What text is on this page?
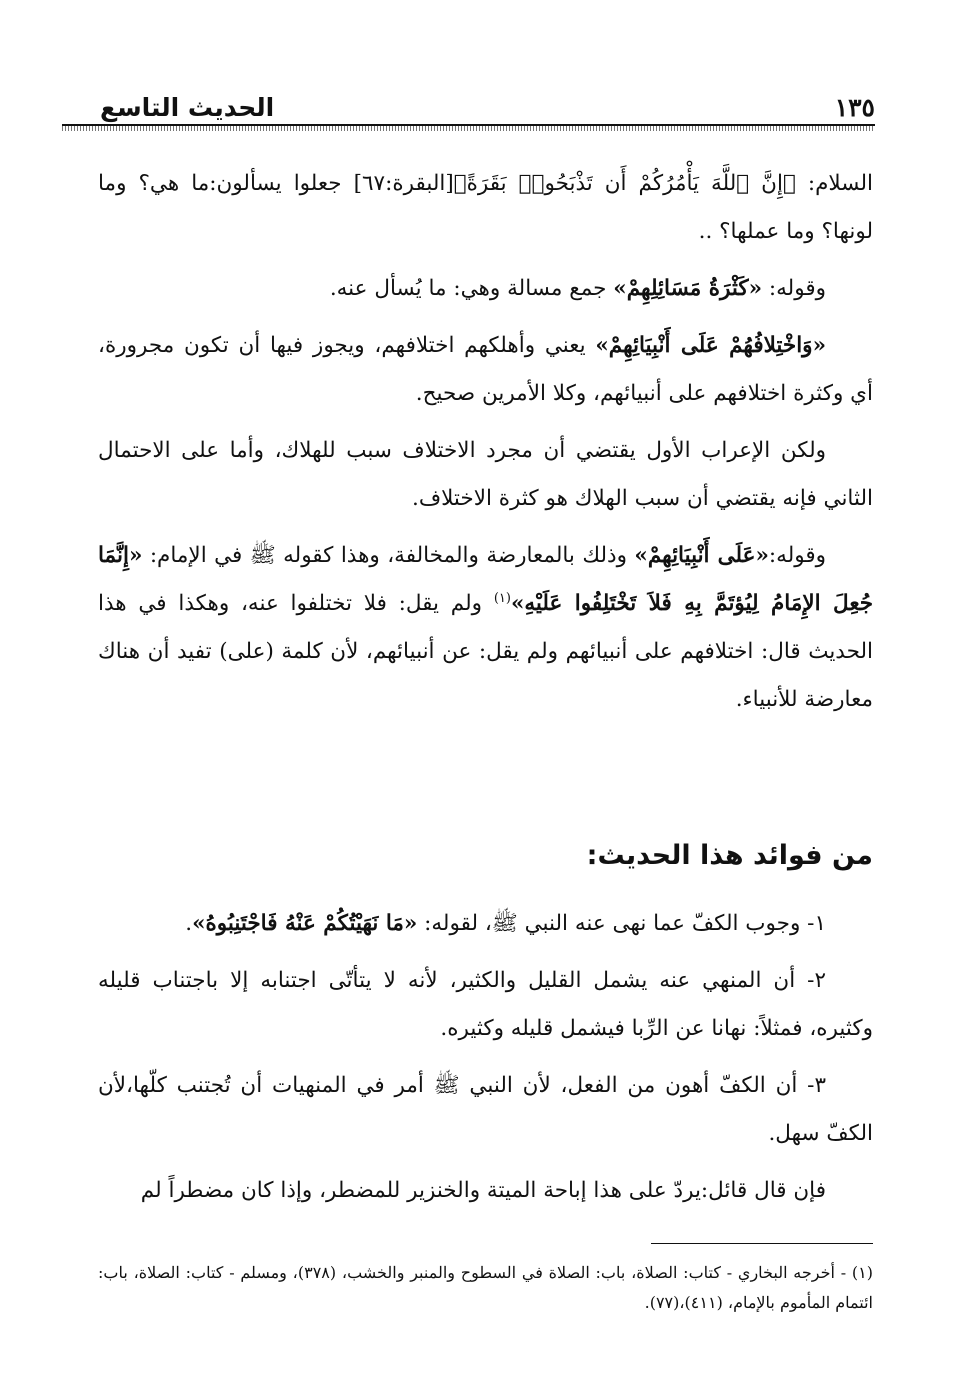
١٣٥
الحديث التاسع

السلام: ﴿إِنَّ ٱللَّهَ يَأْمُرُكُمْ أَن تَذْبَحُوا۟ بَقَرَةً﴾[البقرة:٦٧] جعلوا يسألون:ما هي؟ وما لونها؟ وما عملها؟ ..

وقوله: «كَثْرَةُ مَسَائِلِهِمْ» جمع مسالة وهي: ما يُسأل عنه.

«وَاخْتِلافُهُمْ عَلَى أَنْبِيَائِهِمْ» يعني وأهلكهم اختلافهم، ويجوز فيها أن تكون مجرورة، أي وكثرة اختلافهم على أنبيائهم، وكلا الأمرين صحيح.

ولكن الإعراب الأول يقتضي أن مجرد الاختلاف سبب للهلاك، وأما على الاحتمال الثاني فإنه يقتضي أن سبب الهلاك هو كثرة الاختلاف.

وقوله:«عَلَى أَنْبِيَائِهِمْ» وذلك بالمعارضة والمخالفة، وهذا كقوله ﷺ في الإمام: «إِنَّمَا جُعِلَ الإِمَامُ لِيُؤتَمَّ بِهِ فَلاَ تَخْتَلِفُوا عَلَيْهِ»$^{(١)}$ ولم يقل: فلا تختلفوا عنه، وهكذا في هذا الحديث قال: اختلافهم على أنبيائهم ولم يقل: عن أنبيائهم، لأن كلمة (على) تفيد أن هناك معارضة للأنبياء.

من فوائد هذا الحديث:

١- وجوب الكفّ عما نهى عنه النبي ﷺ، لقوله: «مَا نَهَيْتُكُمْ عَنْهُ فَاجْتَنِبُوهُ».

٢- أن المنهي عنه يشمل القليل والكثير، لأنه لا يتأتّى اجتنابه إلا باجتناب قليله وكثيره، فمثلاً: نهانا عن الرِّبا فيشمل قليله وكثيره.

٣- أن الكفّ أهون من الفعل، لأن النبي ﷺ أمر في المنهيات أن تُجتنب كلّها،لأن الكفّ سهل.

فإن قال قائل:يردّ على هذا إباحة الميتة والخنزير للمضطر، وإذا كان مضطراً لم

(١) - أخرجه البخاري - كتاب: الصلاة، باب: الصلاة في السطوح والمنبر والخشب، (٣٧٨)، ومسلم - كتاب: الصلاة، باب: ائتمام المأموم بالإمام، (٤١١)،(٧٧).
